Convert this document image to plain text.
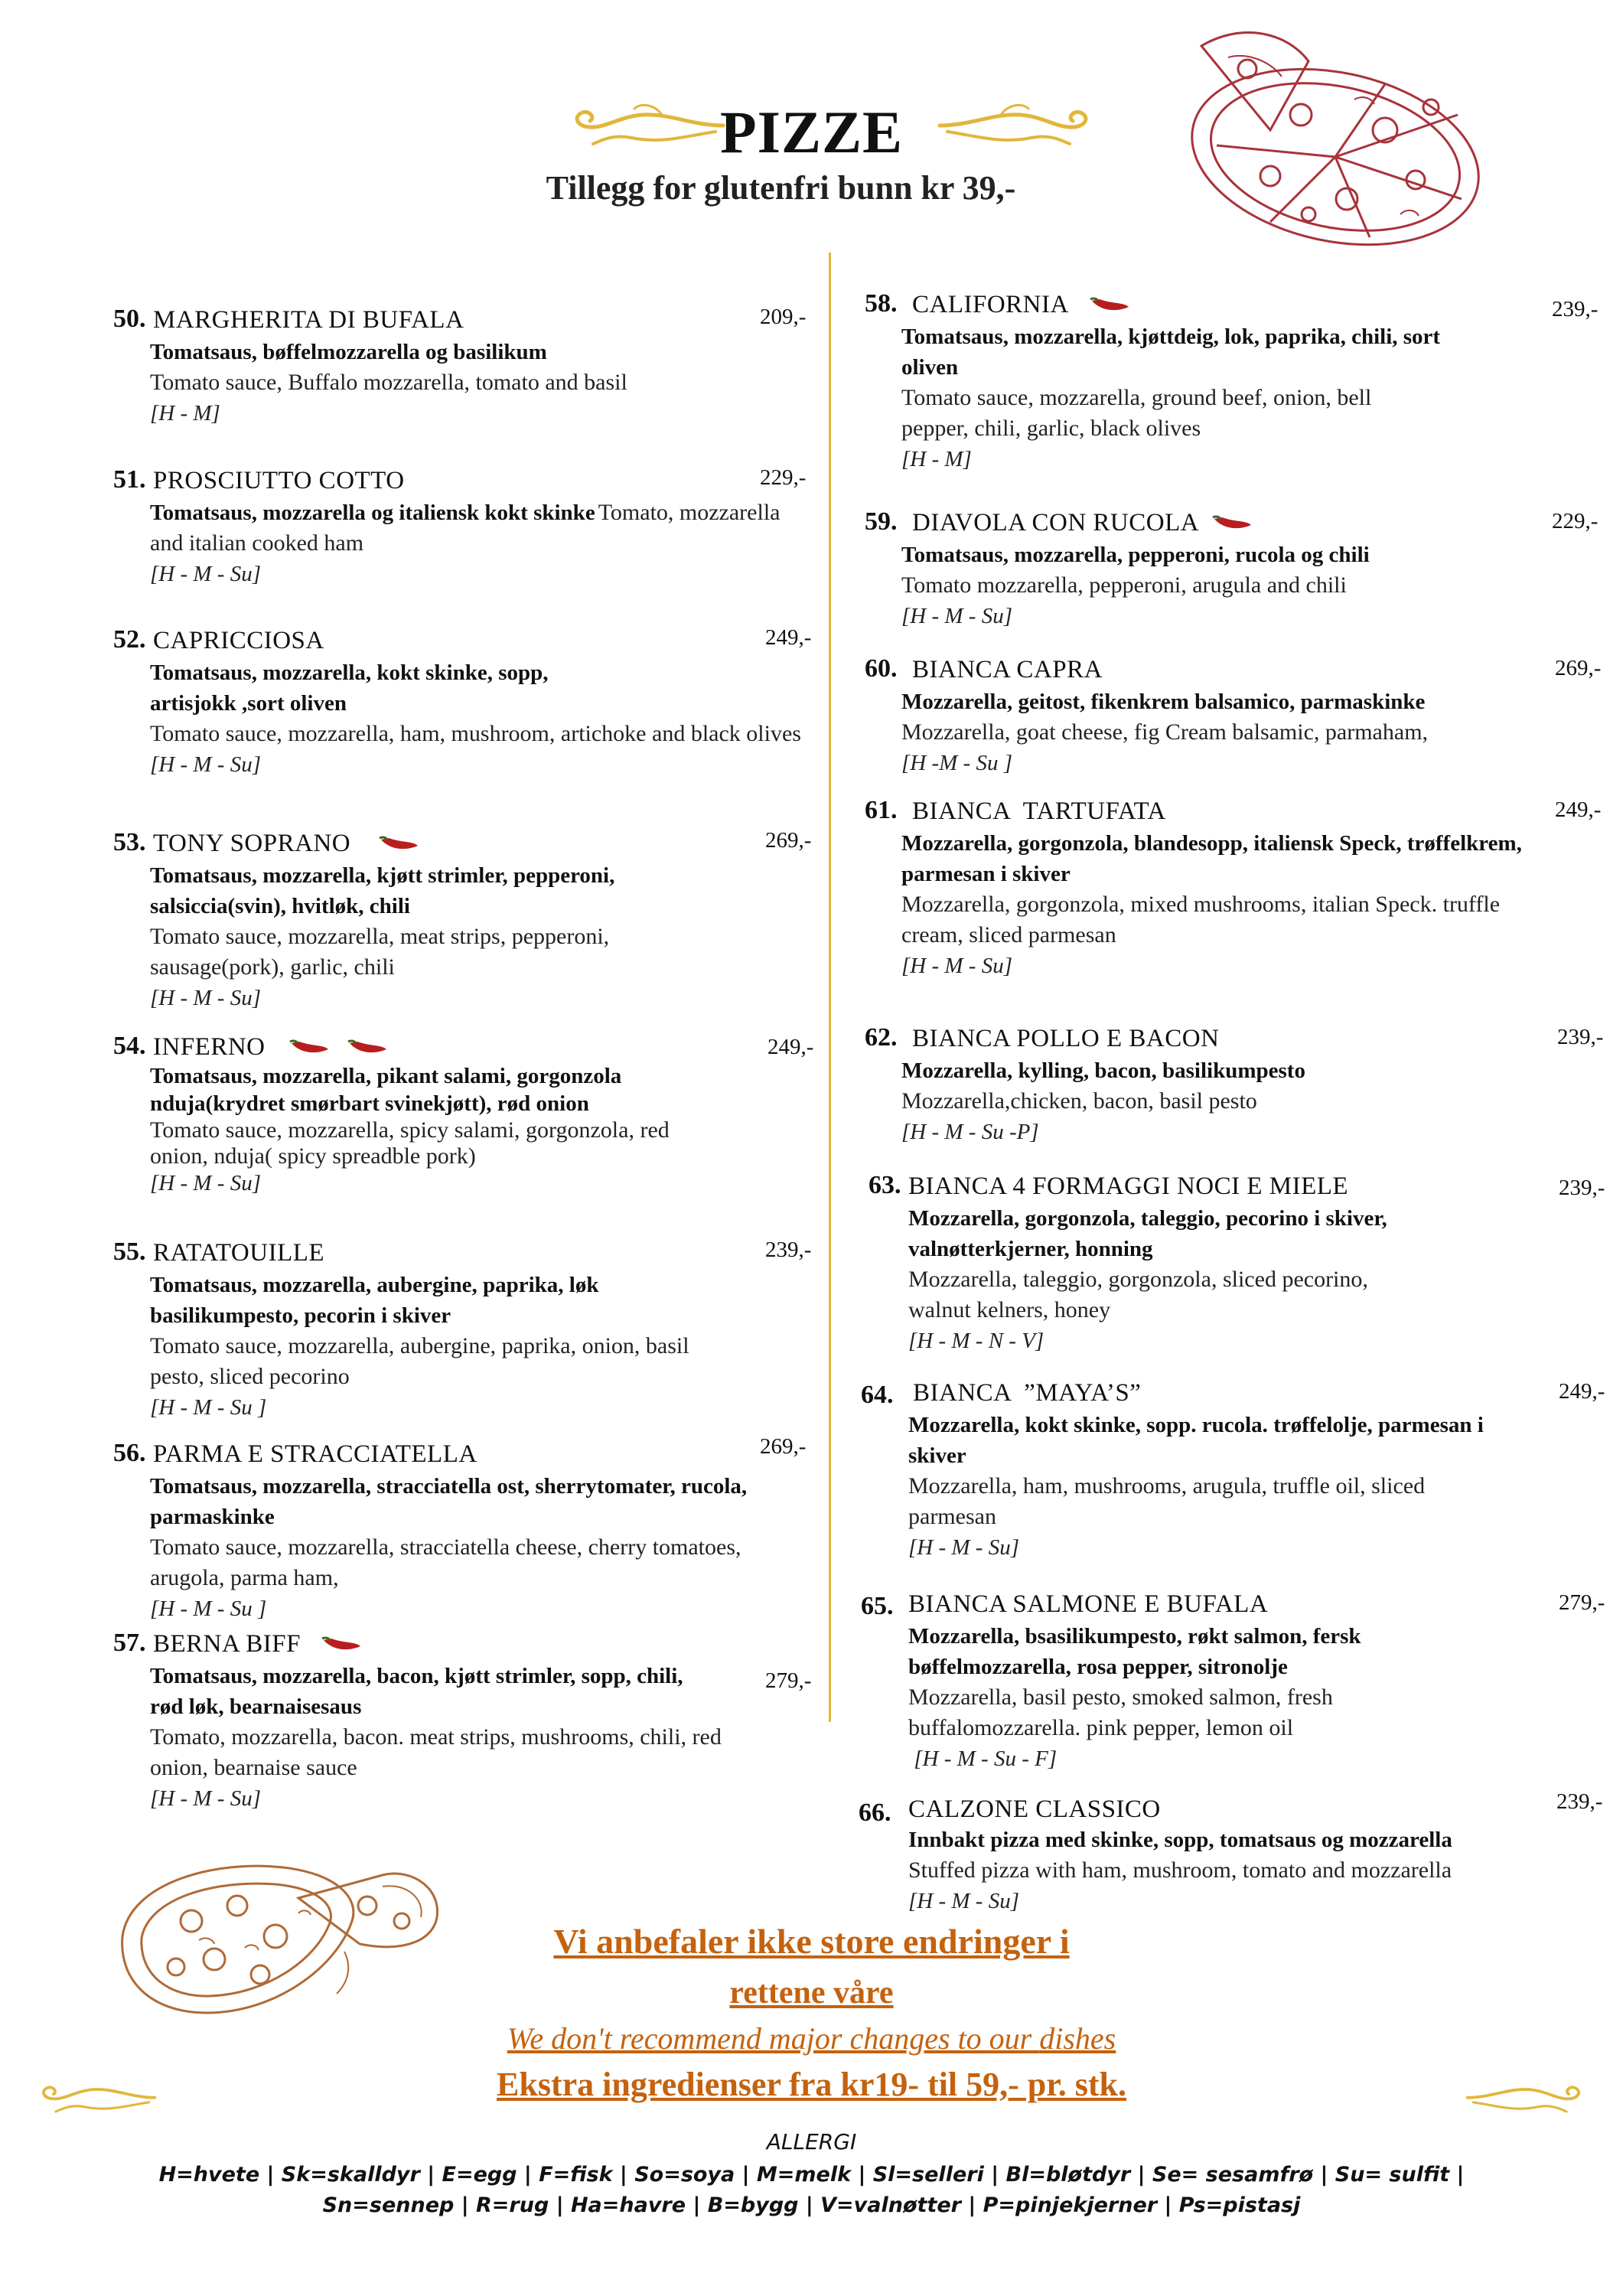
PIZZE
Tillegg for glutenfri bunn kr 39,-
50. MARGHERITA DI BUFALA	209,-
Tomatsaus, bøffelmozzarella og basilikum
Tomato sauce, Buffalo mozzarella, tomato and basil
[H - M]
51. PROSCIUTTO COTTO	229,-
Tomatsaus, mozzarella og italiensk kokt skinke Tomato, mozzarella and italian cooked ham
[H - M - Su]
52. CAPRICCIOSA	249,-
Tomatsaus, mozzarella, kokt skinke, sopp, artisjokk ,sort oliven
Tomato sauce, mozzarella, ham, mushroom, artichoke and black olives
[H - M - Su]
53. TONY SOPRANO	269,-
Tomatsaus, mozzarella, kjøtt strimler, pepperoni, salsiccia(svin), hvitløk, chili
Tomato sauce, mozzarella, meat strips, pepperoni, sausage(pork), garlic, chili
[H - M - Su]
54. INFERNO	249,-
Tomatsaus, mozzarella, pikant salami, gorgonzola nduja(krydret smørbart svinekjøtt), rød onion
Tomato sauce, mozzarella, spicy salami, gorgonzola, red onion, nduja( spicy spreadble pork)
[H - M - Su]
55. RATATOUILLE	239,-
Tomatsaus, mozzarella, aubergine, paprika, løk basilikumpesto, pecorin i skiver
Tomato sauce, mozzarella, aubergine, paprika, onion, basil pesto, sliced pecorino
[H - M - Su ]
56. PARMA E STRACCIATELLA	269,-
Tomatsaus, mozzarella, stracciatella ost, sherrytomater, rucola, parmaskinke
Tomato sauce, mozzarella, stracciatella cheese, cherry tomatoes, arugola, parma ham,
[H - M - Su ]
57. BERNA BIFF
279,-
Tomatsaus, mozzarella, bacon, kjøtt strimler, sopp, chili, rød løk, bearnaisesaus
Tomato, mozzarella, bacon. meat strips, mushrooms, chili, red onion, bearnaise sauce
[H - M - Su]
58. CALIFORNIA	239,-
Tomatsaus, mozzarella, kjøttdeig, lok, paprika, chili, sort oliven
Tomato sauce, mozzarella, ground beef, onion, bell pepper, chili, garlic, black olives
[H - M]
59. DIAVOLA CON RUCOLA	229,-
Tomatsaus, mozzarella, pepperoni, rucola og chili
Tomato mozzarella, pepperoni, arugula and chili
[H - M - Su]
60. BIANCA CAPRA	269,-
Mozzarella, geitost, fikenkrem balsamico, parmaskinke
Mozzarella, goat cheese, fig Cream balsamic, parmaham,
[H -M - Su ]
61. BIANCA  TARTUFATA	249,-
Mozzarella, gorgonzola, blandesopp, italiensk Speck, trøffelkrem, parmesan i skiver
Mozzarella, gorgonzola, mixed mushrooms, italian Speck. truffle cream, sliced parmesan
[H - M - Su]
62. BIANCA POLLO E BACON	239,-
Mozzarella, kylling, bacon, basilikumpesto
Mozzarella,chicken, bacon, basil pesto
[H - M - Su -P]
63. BIANCA 4 FORMAGGI NOCI E MIELE	239,-
Mozzarella, gorgonzola, taleggio, pecorino i skiver, valnøtterkjerner, honning
Mozzarella, taleggio, gorgonzola, sliced pecorino, walnut kelners, honey
[H - M - N - V]
64. BIANCA  ”MAYA’S”	249,-
Mozzarella, kokt skinke, sopp. rucola. trøffelolje, parmesan i skiver
Mozzarella, ham, mushrooms, arugula, truffle oil, sliced parmesan
[H - M - Su]
65. BIANCA SALMONE E BUFALA	279,-
Mozzarella, bsasilikumpesto, røkt salmon, fersk bøffelmozzarella, rosa pepper, sitronolje
Mozzarella, basil pesto, smoked salmon, fresh buffalomozzarella. pink pepper, lemon oil
[H - M - Su - F]
66. CALZONE CLASSICO	239,-
Innbakt pizza med skinke, sopp, tomatsaus og mozzarella
Stuffed pizza with ham, mushroom, tomato and mozzarella
[H - M - Su]
Vi anbefaler ikke store endringer i
rettene våre
We don't recommend major changes to our dishes
Ekstra ingredienser fra kr19- til 59,- pr. stk.
ALLERGI
H=hvete | Sk=skalldyr | E=egg | F=fisk | So=soya | M=melk | Sl=selleri | Bl=bløtdyr | Se= sesamfrø | Su= sulfit |
Sn=sennep | R=rug | Ha=havre | B=bygg | V=valnøtter | P=pinjekjerner | Ps=pistasj
